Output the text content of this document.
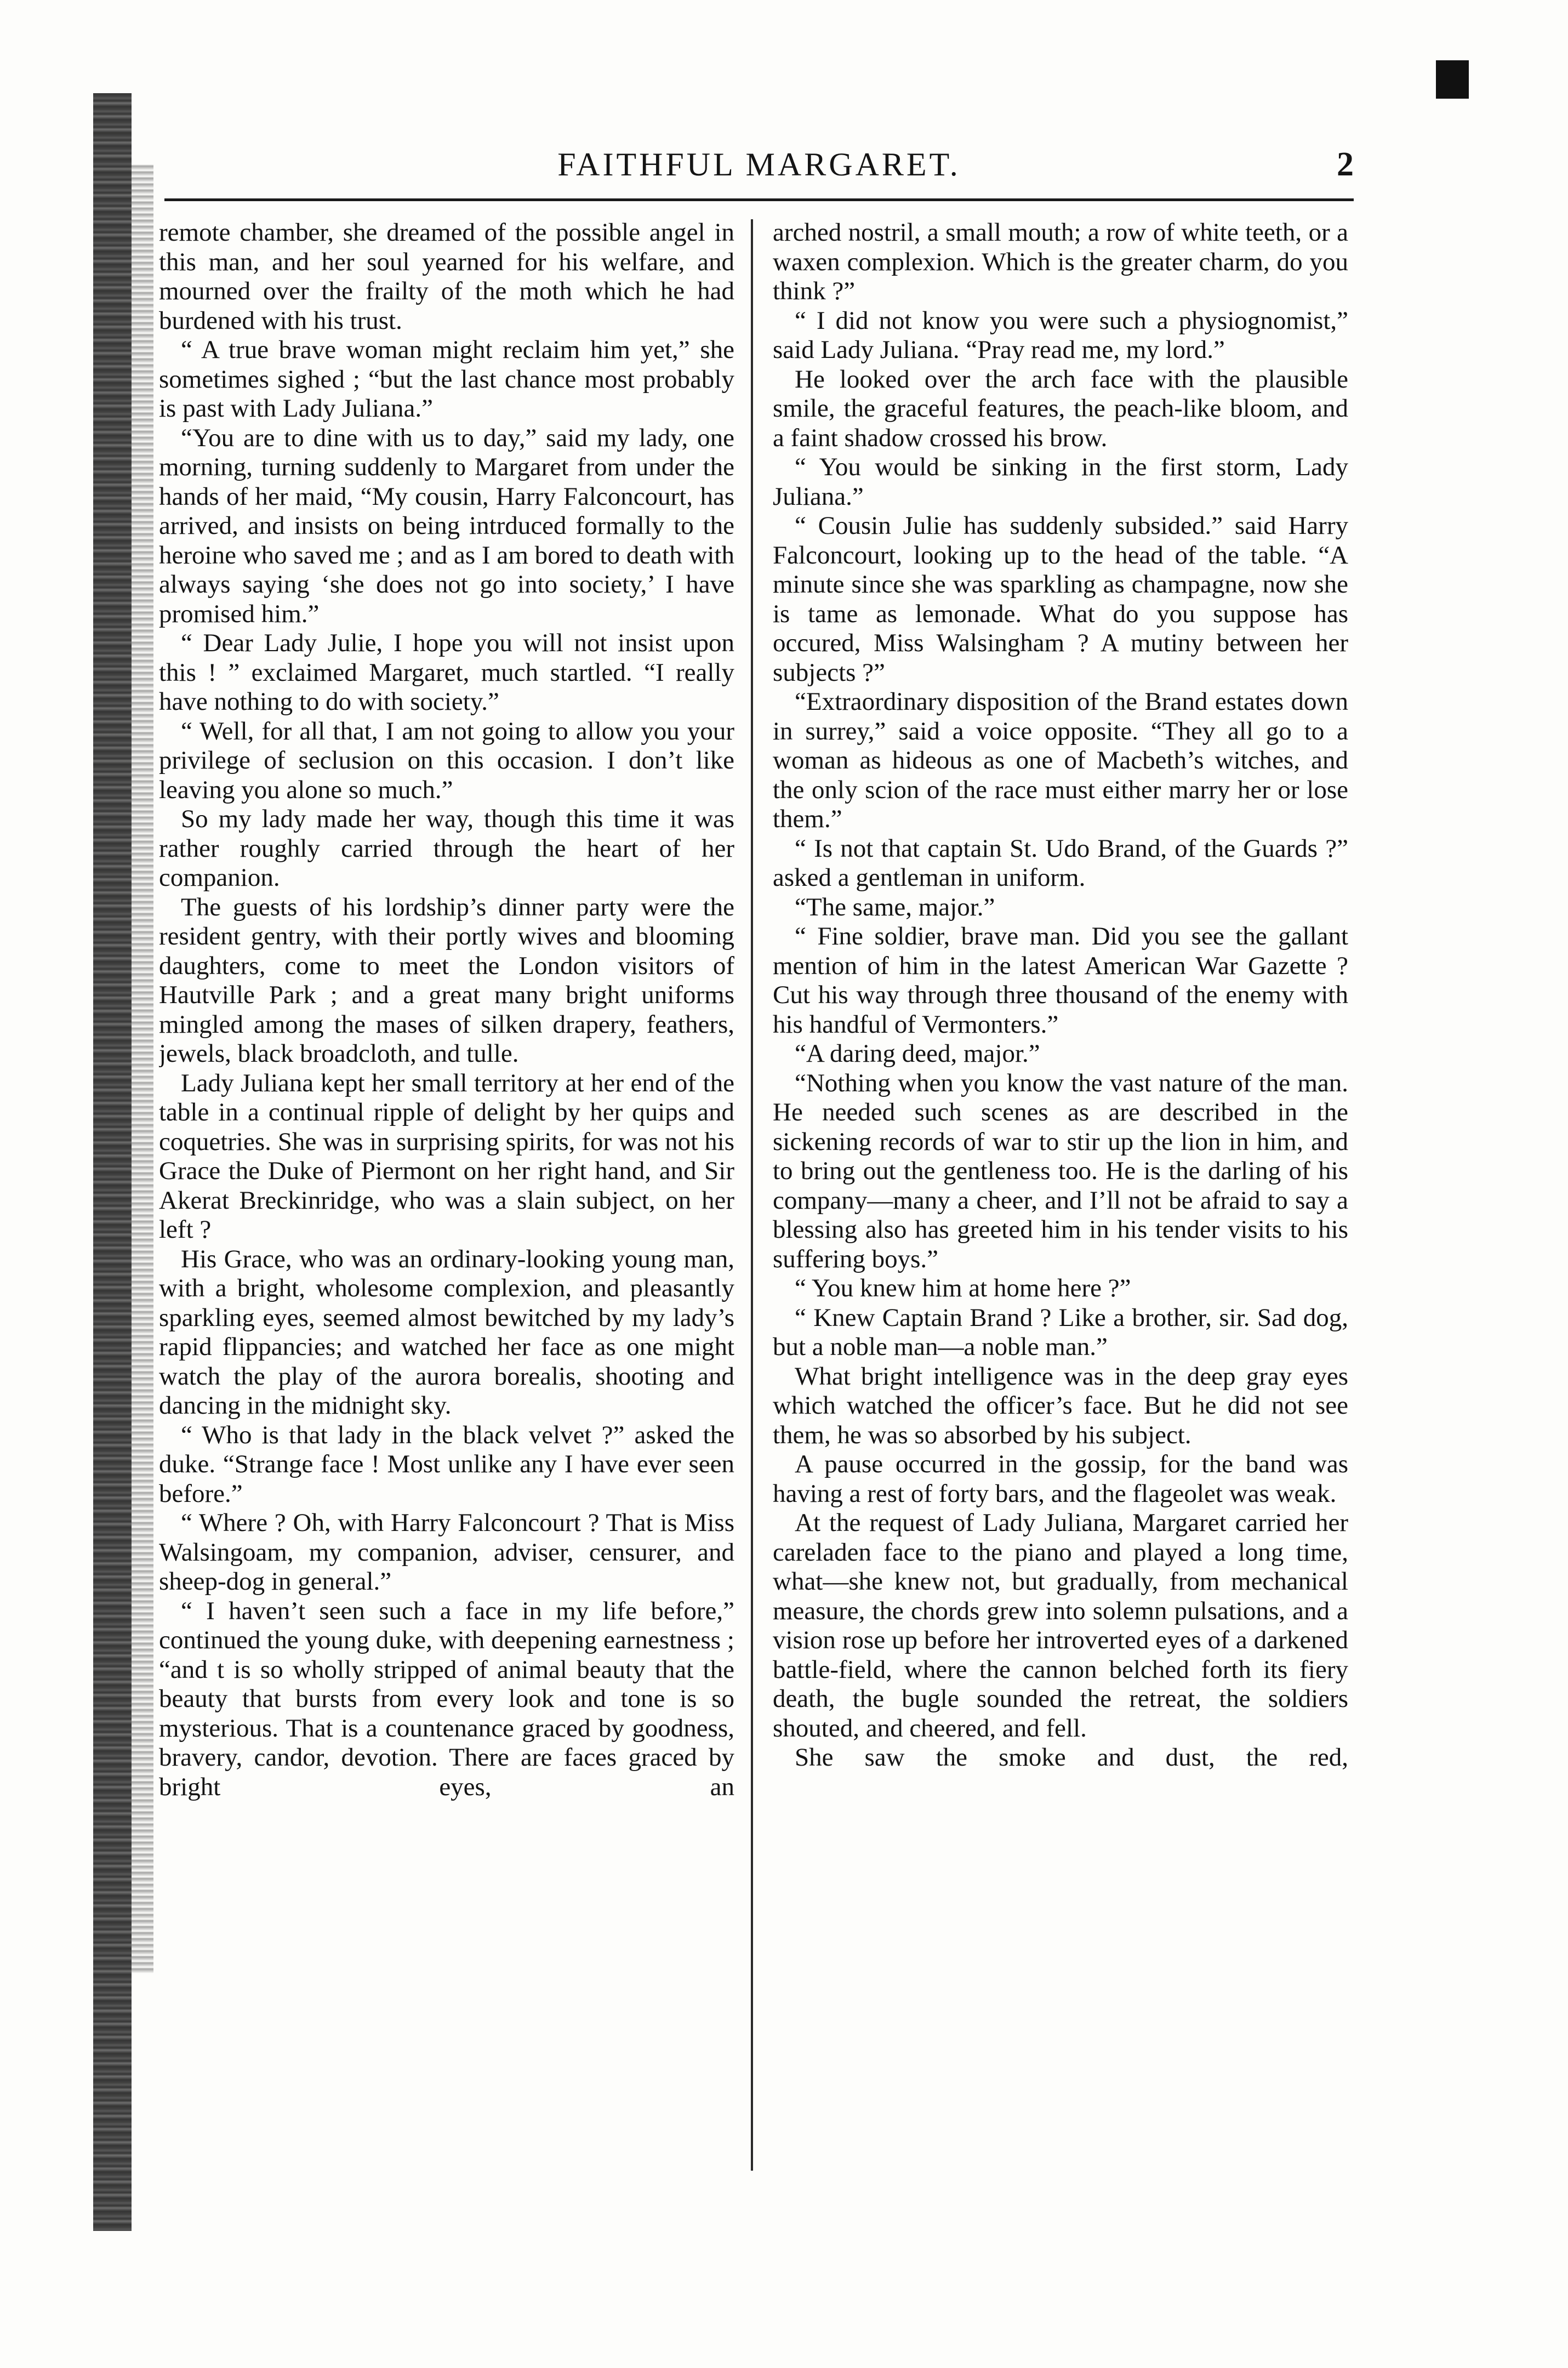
FAITHFUL MARGARET.	2

remote chamber, she dreamed of the possible angel in this man, and her soul yearned for his welfare, and mourned over the frailty of the moth which he had burdened with his trust.

“ A true brave woman might reclaim him yet,” she sometimes sighed ; “but the last chance most probably is past with Lady Juliana.”

“You are to dine with us to day,” said my lady, one morning, turning suddenly to Margaret from under the hands of her maid, “My cousin, Harry Falconcourt, has arrived, and insists on being intrduced formally to the heroine who saved me ; and as I am bored to death with always saying ‘she does not go into society,’ I have promised him.”

“ Dear Lady Julie, I hope you will not insist upon this ! ” exclaimed Margaret, much startled. “I really have nothing to do with society.”

“ Well, for all that, I am not going to allow you your privilege of seclusion on this occasion. I don’t like leaving you alone so much.”

So my lady made her way, though this time it was rather roughly carried through the heart of her companion.

The guests of his lordship’s dinner party were the resident gentry, with their portly wives and blooming daughters, come to meet the London visitors of Hautville Park ; and a great many bright uniforms mingled among the mases of silken drapery, feathers, jewels, black broadcloth, and tulle.

Lady Juliana kept her small territory at her end of the table in a continual ripple of delight by her quips and coquetries. She was in surprising spirits, for was not his Grace the Duke of Piermont on her right hand, and Sir Akerat Breckinridge, who was a slain subject, on her left ?

His Grace, who was an ordinary-looking young man, with a bright, wholesome complexion, and pleasantly sparkling eyes, seemed almost bewitched by my lady’s rapid flippancies; and watched her face as one might watch the play of the aurora borealis, shooting and dancing in the midnight sky.

“ Who is that lady in the black velvet ?” asked the duke. “Strange face ! Most unlike any I have ever seen before.”

“ Where ? Oh, with Harry Falconcourt ? That is Miss Walsingoam, my companion, adviser, censurer, and sheep-dog in general.”

“ I haven’t seen such a face in my life before,” continued the young duke, with deepening earnestness ; “and t is so wholly stripped of animal beauty that the beauty that bursts from every look and tone is so mysterious. That is a countenance graced by goodness, bravery, candor, devotion. There are faces graced by bright eyes, an

arched nostril, a small mouth; a row of white teeth, or a waxen complexion. Which is the greater charm, do you think ?”

“ I did not know you were such a physiognomist,” said Lady Juliana. “Pray read me, my lord.”

He looked over the arch face with the plausible smile, the graceful features, the peach-like bloom, and a faint shadow crossed his brow.

“ You would be sinking in the first storm, Lady Juliana.”

“ Cousin Julie has suddenly subsided.” said Harry Falconcourt, looking up to the head of the table. “A minute since she was sparkling as champagne, now she is tame as lemonade. What do you suppose has occured, Miss Walsingham ? A mutiny between her subjects ?”

“Extraordinary disposition of the Brand estates down in surrey,” said a voice opposite. “They all go to a woman as hideous as one of Macbeth’s witches, and the only scion of the race must either marry her or lose them.”

“ Is not that captain St. Udo Brand, of the Guards ?” asked a gentleman in uniform.

“The same, major.”

“ Fine soldier, brave man. Did you see the gallant mention of him in the latest American War Gazette ? Cut his way through three thousand of the enemy with his handful of Vermonters.”

“A daring deed, major.”

“Nothing when you know the vast nature of the man. He needed such scenes as are described in the sickening records of war to stir up the lion in him, and to bring out the gentleness too. He is the darling of his company—many a cheer, and I’ll not be afraid to say a blessing also has greeted him in his tender visits to his suffering boys.”

“ You knew him at home here ?”

“ Knew Captain Brand ? Like a brother, sir. Sad dog, but a noble man—a noble man.”

What bright intelligence was in the deep gray eyes which watched the officer’s face. But he did not see them, he was so absorbed by his subject.

A pause occurred in the gossip, for the band was having a rest of forty bars, and the flageolet was weak.

At the request of Lady Juliana, Margaret carried her careladen face to the piano and played a long time, what—she knew not, but gradually, from mechanical measure, the chords grew into solemn pulsations, and a vision rose up before her introverted eyes of a darkened battle-field, where the cannon belched forth its fiery death, the bugle sounded the retreat, the soldiers shouted, and cheered, and fell.

She saw the smoke and dust, the red,
